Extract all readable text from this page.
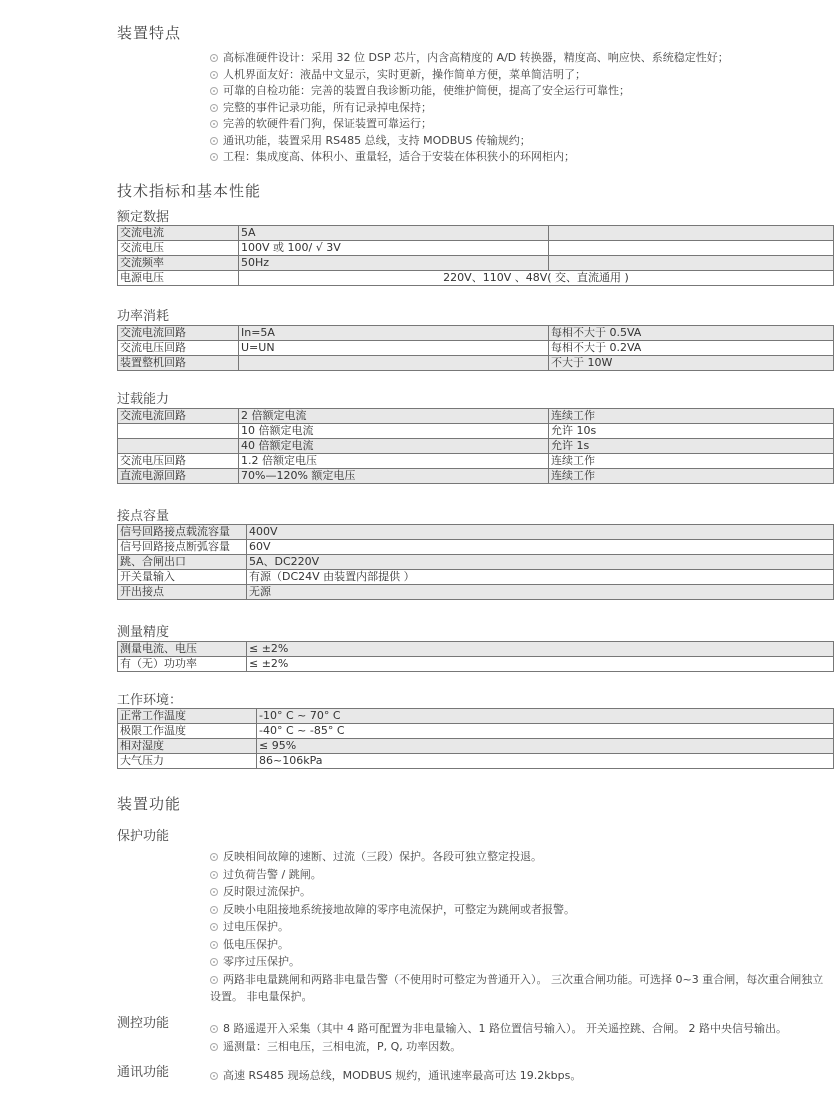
装置特点
高标准硬件设计：采用 32 位 DSP 芯片，内含高精度的 A/D 转换器，精度高、响应快、系统稳定性好；
人机界面友好：液晶中文显示，实时更新，操作简单方便，菜单简洁明了；
可靠的自检功能：完善的装置自我诊断功能，使维护简便，提高了安全运行可靠性；
完整的事件记录功能，所有记录掉电保持；
完善的软硬件看门狗，保证装置可靠运行；
通讯功能，装置采用 RS485 总线，支持 MODBUS 传输规约；
工程：集成度高、体积小、重量轻，适合于安装在体积狭小的环网柜内；
技术指标和基本性能
额定数据
交流电流	5A	
交流电压	100V 或 100/ √ 3V	
交流频率	50Hz	
电源电压	220V、110V 、48V( 交、直流通用 )	
功率消耗
交流电流回路	In=5A	每相不大于 0.5VA
交流电压回路	U=UN	每相不大于 0.2VA
装置整机回路		不大于 10W
过载能力
交流电流回路	2 倍额定电流	连续工作
	10 倍额定电流	允许 10s
	40 倍额定电流	允许 1s
交流电压回路	1.2 倍额定电压	连续工作
直流电源回路	70%—120% 额定电压	连续工作
接点容量
信号回路接点载流容量	400V
信号回路接点断弧容量	60V
跳、合闸出口	5A、DC220V
开关量输入	有源（DC24V 由装置内部提供 ）
开出接点	无源
测量精度
测量电流、电压	≤ ±2%
有（无）功功率	≤ ±2%
工作环境：
正常工作温度	-10° C ~ 70° C
极限工作温度	-40° C ~ -85° C
相对湿度	≤ 95%
大气压力	86~106kPa
装置功能
保护功能
反映相间故障的速断、过流（三段）保护。各段可独立整定投退。
过负荷告警 / 跳闸。
反时限过流保护。
反映小电阻接地系统接地故障的零序电流保护，可整定为跳闸或者报警。
过电压保护。
低电压保护。
零序过压保护。
两路非电量跳闸和两路非电量告警（不使用时可整定为普通开入）。 三次重合闸功能。可选择 0~3 重合闸，每次重合闸独立设置。 非电量保护。
测控功能	8 路遥遈开入采集（其中 4 路可配置为非电量输入、1 路位置信号输入）。 开关遥控跳、合闸。 2 路中央信号输出。
遥测量：三相电压，三相电流，P, Q, 功率因数。
通讯功能	高速 RS485 现场总线，MODBUS 规约，通讯速率最高可达 19.2kbps。
